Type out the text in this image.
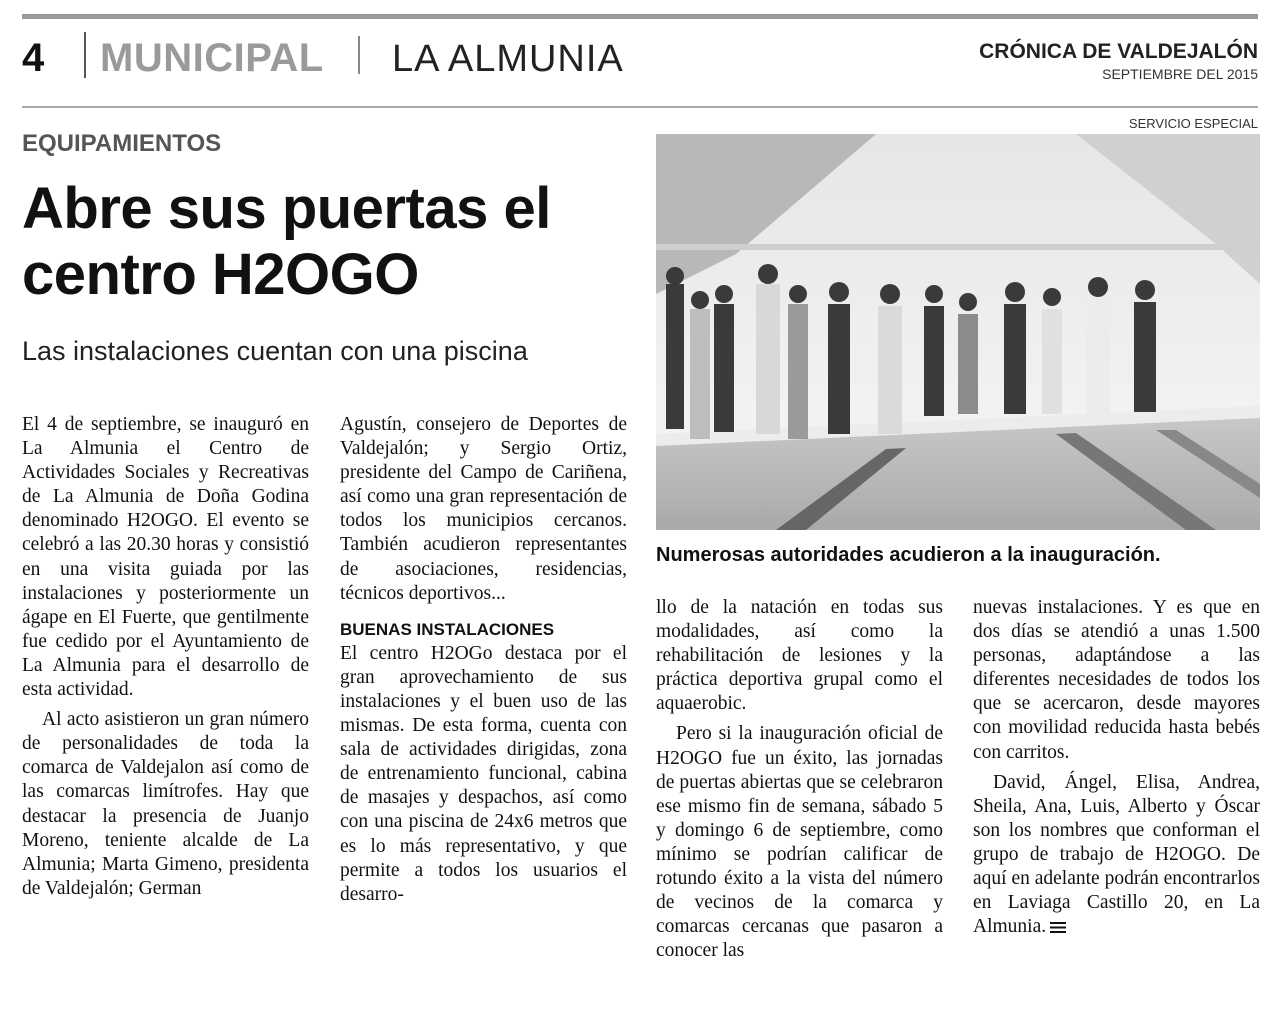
4 MUNICIPAL LA ALMUNIA	CRÓNICA DE VALDEJALÓN
SEPTIEMBRE DEL 2015
EQUIPAMIENTOS
Abre sus puertas el centro H2OGO
Las instalaciones cuentan con una piscina
SERVICIO ESPECIAL
Numerosas autoridades acudieron a la inauguración.

El 4 de septiembre, se inauguró en La Almunia el Centro de Actividades Sociales y Recreativas de La Almunia de Doña Godina denominado H2OGO. El evento se celebró a las 20.30 horas y consistió en una visita guiada por las instalaciones y posteriormente un ágape en El Fuerte, que gentilmente fue cedido por el Ayuntamiento de La Almunia para el desarrollo de esta actividad.

Al acto asistieron un gran número de personalidades de toda la comarca de Valdejalon así como de las comarcas limítrofes. Hay que destacar la presencia de Juanjo Moreno, teniente alcalde de La Almunia; Marta Gimeno, presidenta de Valdejalón; German

Agustín, consejero de Deportes de Valdejalón; y Sergio Ortiz, presidente del Campo de Cariñena, así como una gran representación de todos los municipios cercanos. También acudieron representantes de asociaciones, residencias, técnicos deportivos...

BUENAS INSTALACIONES

El centro H2OGo destaca por el gran aprovechamiento de sus instalaciones y el buen uso de las mismas. De esta forma, cuenta con sala de actividades dirigidas, zona de entrenamiento funcional, cabina de masajes y despachos, así como con una piscina de 24x6 metros que es lo más representativo, y que permite a todos los usuarios el desarro-

llo de la natación en todas sus modalidades, así como la rehabilitación de lesiones y la práctica deportiva grupal como el aquaerobic.

Pero si la inauguración oficial de H2OGO fue un éxito, las jornadas de puertas abiertas que se celebraron ese mismo fin de semana, sábado 5 y domingo 6 de septiembre, como mínimo se podrían calificar de rotundo éxito a la vista del número de vecinos de la comarca y comarcas cercanas que pasaron a conocer las

nuevas instalaciones. Y es que en dos días se atendió a unas 1.500 personas, adaptándose a las diferentes necesidades de todos los que se acercaron, desde mayores con movilidad reducida hasta bebés con carritos.

David, Ángel, Elisa, Andrea, Sheila, Ana, Luis, Alberto y Óscar son los nombres que conforman el grupo de trabajo de H2OGO. De aquí en adelante podrán encontrarlos en Laviaga Castillo 20, en La Almunia.
